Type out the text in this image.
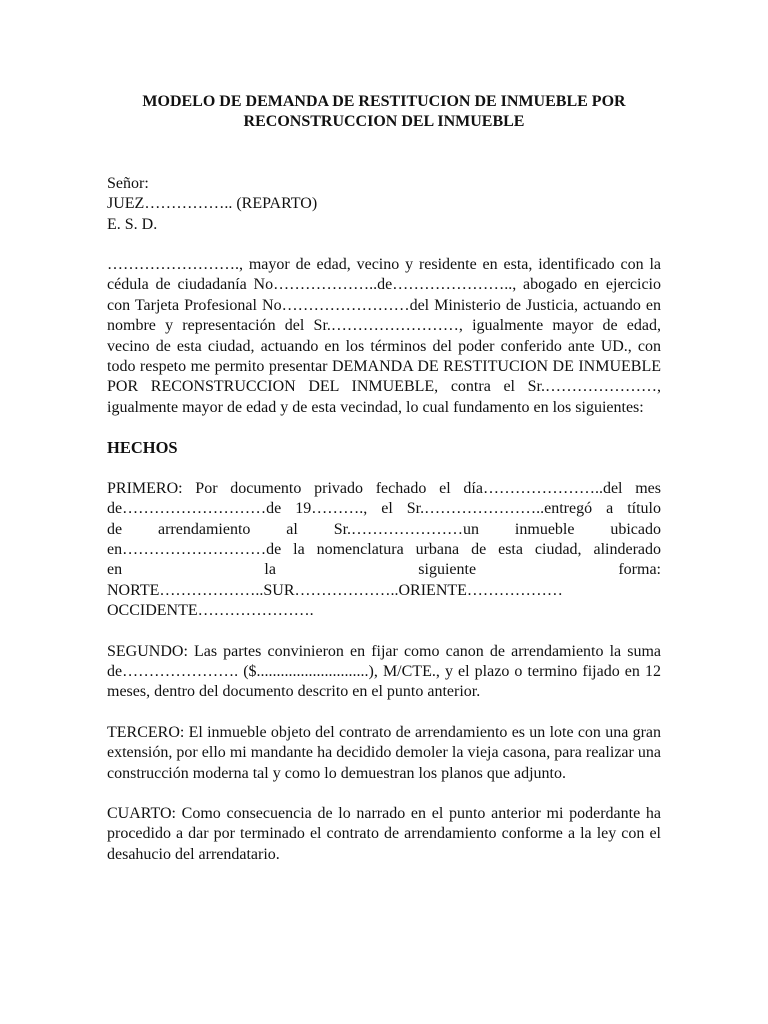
MODELO DE DEMANDA DE RESTITUCION DE INMUEBLE POR
RECONSTRUCCION DEL INMUEBLE
Señor:
JUEZ…………….. (REPARTO)
E. S. D.

……………………., mayor de edad, vecino y residente en esta, identificado con la cédula de ciudadanía No………………..de………………….., abogado en ejercicio con Tarjeta Profesional No……………………del Ministerio de Justicia, actuando en nombre y representación del Sr.……………………, igualmente mayor de edad, vecino de esta ciudad, actuando en los términos del poder conferido ante UD., con todo respeto me permito presentar DEMANDA DE RESTITUCION DE INMUEBLE POR RECONSTRUCCION DEL INMUEBLE, contra el Sr.…………………, igualmente mayor de edad y de esta vecindad, lo cual fundamento en los siguientes:

HECHOS

PRIMERO: Por documento privado fechado el día…………………..del mes
de………………………de 19………., el Sr.…………………..entregó a título
de arrendamiento al Sr.…………………un inmueble ubicado
en………………………de la nomenclatura urbana de esta ciudad, alinderado
en la siguiente forma:
NORTE………………..SUR………………..ORIENTE………………
OCCIDENTE………………….

SEGUNDO: Las partes convinieron en fijar como canon de arrendamiento la suma de…………………. ($............................), M/CTE., y el plazo o termino fijado en 12 meses, dentro del documento descrito en el punto anterior.

TERCERO: El inmueble objeto del contrato de arrendamiento es un lote con una gran extensión, por ello mi mandante ha decidido demoler la vieja casona, para realizar una construcción moderna tal y como lo demuestran los planos que adjunto.

CUARTO: Como consecuencia de lo narrado en el punto anterior mi poderdante ha procedido a dar por terminado el contrato de arrendamiento conforme a la ley con el desahucio del arrendatario.
